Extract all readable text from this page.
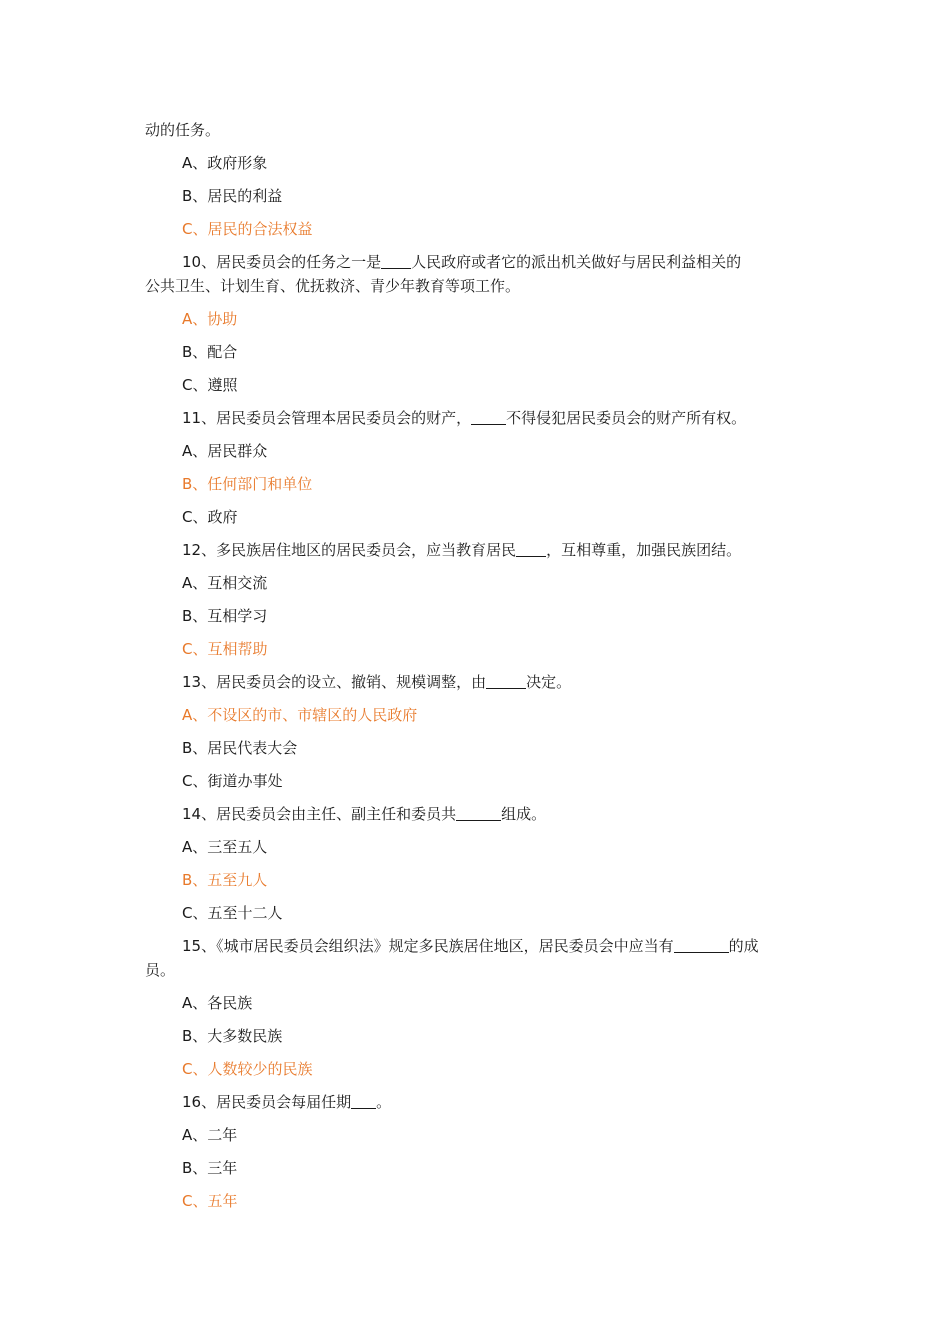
动的任务。
A、政府形象
B、居民的利益
C、居民的合法权益
10、居民委员会的任务之一是 人民政府或者它的派出机关做好与居民利益相关的
公共卫生、计划生育、优抚救济、青少年教育等项工作。
A、协助
B、配合
C、遵照
11、居民委员会管理本居民委员会的财产， 不得侵犯居民委员会的财产所有权。
A、居民群众
B、任何部门和单位
C、政府
12、多民族居住地区的居民委员会，应当教育居民 ，互相尊重，加强民族团结。
A、互相交流
B、互相学习
C、互相帮助
13、居民委员会的设立、撤销、规模调整，由	决定。
A、不设区的市、市辖区的人民政府
B、居民代表大会
C、街道办事处
14、居民委员会由主任、副主任和委员共	组成。
A、三至五人
B、五至九人
C、五至十二人
15、《城市居民委员会组织法》规定多民族居住地区，居民委员会中应当有	的成
员。
A、各民族
B、大多数民族
C、人数较少的民族
16、居民委员会每届任期 。
A、二年
B、三年
C、五年
